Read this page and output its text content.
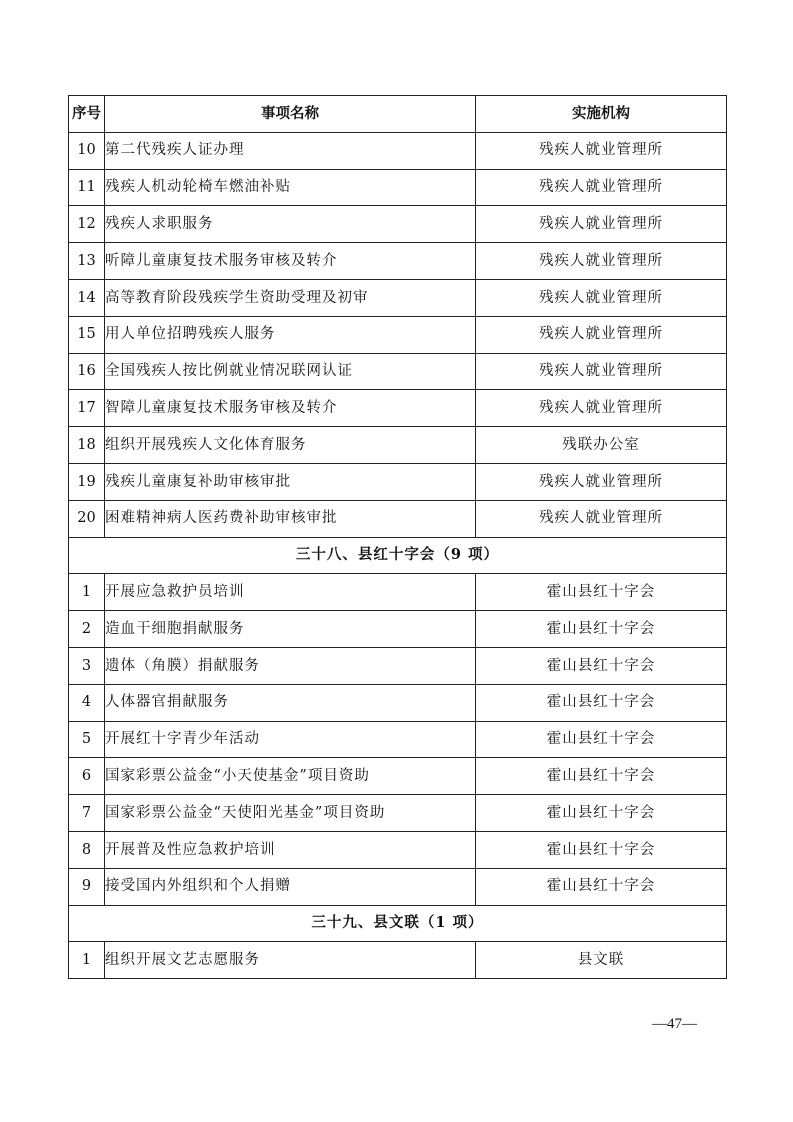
序号	事项名称	实施机构
10	第二代残疾人证办理	残疾人就业管理所
11	残疾人机动轮椅车燃油补贴	残疾人就业管理所
12	残疾人求职服务	残疾人就业管理所
13	听障儿童康复技术服务审核及转介	残疾人就业管理所
14	高等教育阶段残疾学生资助受理及初审	残疾人就业管理所
15	用人单位招聘残疾人服务	残疾人就业管理所
16	全国残疾人按比例就业情况联网认证	残疾人就业管理所
17	智障儿童康复技术服务审核及转介	残疾人就业管理所
18	组织开展残疾人文化体育服务	残联办公室
19	残疾儿童康复补助审核审批	残疾人就业管理所
20	困难精神病人医药费补助审核审批	残疾人就业管理所
三十八、县红十字会（9 项）		
1	开展应急救护员培训	霍山县红十字会
2	造血干细胞捐献服务	霍山县红十字会
3	遗体（角膜）捐献服务	霍山县红十字会
4	人体器官捐献服务	霍山县红十字会
5	开展红十字青少年活动	霍山县红十字会
6	国家彩票公益金“小天使基金”项目资助	霍山县红十字会
7	国家彩票公益金“天使阳光基金”项目资助	霍山县红十字会
8	开展普及性应急救护培训	霍山县红十字会
9	接受国内外组织和个人捐赠	霍山县红十字会
三十九、县文联（1 项）		
1	组织开展文艺志愿服务	县文联
—47—
